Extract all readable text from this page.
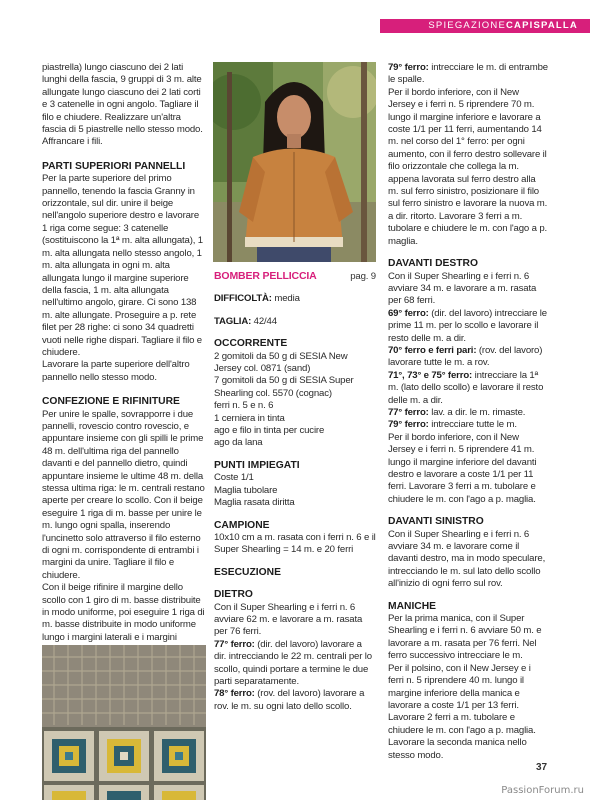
SPIEGAZIONECAPISPALLA

piastrella) lungo ciascuno dei 2 lati lunghi della fascia, 9 gruppi di 3 m. alte allungate lungo ciascuno dei 2 lati corti e 3 catenelle in ogni angolo. Tagliare il filo e chiudere. Realizzare un'altra fascia di 5 piastrelle nello stesso modo. Affrancare i fili.

PARTI SUPERIORI PANNELLI

Per la parte superiore del primo pannello, tenendo la fascia Granny in orizzontale, sul dir. unire il beige nell'angolo superiore destro e lavorare 1 riga come segue: 3 catenelle (sostituiscono la 1ª m. alta allungata), 1 m. alta allungata nello stesso angolo, 1 m. alta allungata in ogni m. alta allungata lungo il margine superiore della fascia, 1 m. alta allungata nell'ultimo angolo, girare. Ci sono 138 m. alte allungate. Proseguire a p. rete filet per 28 righe: ci sono 34 quadretti vuoti nelle righe dispari. Tagliare il filo e chiudere.

Lavorare la parte superiore dell'altro pannello nello stesso modo.

CONFEZIONE E RIFINITURE

Per unire le spalle, sovrapporre i due pannelli, rovescio contro rovescio, e appuntare insieme con gli spilli le prime 48 m. dell'ultima riga del pannello davanti e del pannello dietro, quindi appuntare insieme le ultime 48 m. della stessa ultima riga: le m. centrali restano aperte per creare lo scollo. Con il beige eseguire 1 riga di m. basse per unire le m. lungo ogni spalla, inserendo l'uncinetto solo attraverso il filo esterno di ogni m. corrispondente di entrambi i margini da unire. Tagliare il filo e chiudere.

Con il beige rifinire il margine dello scollo con 1 giro di m. basse distribuite in modo uniforme, poi eseguire 1 riga di m. basse distribuite in modo uniforme lungo i margini laterali e i margini

BOMBER PELLICCIA	pag. 9

DIFFICOLTÀ: media

TAGLIA: 42/44

OCCORRENTE

2 gomitoli da 50 g di SESIA New Jersey col. 0871 (sand)

7 gomitoli da 50 g di SESIA Super Shearling col. 5570 (cognac)

ferri n. 5 e n. 6

1 cerniera in tinta

ago e filo in tinta per cucire

ago da lana

PUNTI IMPIEGATI

Coste 1/1

Maglia tubolare

Maglia rasata diritta

CAMPIONE

10x10 cm a m. rasata con i ferri n. 6 e il Super Shearling = 14 m. e 20 ferri

ESECUZIONE

DIETRO

Con il Super Shearling e i ferri n. 6 avviare 62 m. e lavorare a m. rasata per 76 ferri.

77° ferro: (dir. del lavoro) lavorare a dir. intrecciando le 22 m. centrali per lo scollo, quindi portare a termine le due parti separatamente.

78° ferro: (rov. del lavoro) lavorare a rov. le m. su ogni lato dello scollo.

79° ferro: intrecciare le m. di entrambe le spalle.

Per il bordo inferiore, con il New Jersey e i ferri n. 5 riprendere 70 m. lungo il margine inferiore e lavorare a coste 1/1 per 11 ferri, aumentando 14 m. nel corso del 1° ferro: per ogni aumento, con il ferro destro sollevare il filo orizzontale che collega la m. appena lavorata sul ferro destro alla m. sul ferro sinistro, posizionare il filo sul ferro sinistro e lavorare la nuova m. a dir. ritorto. Lavorare 3 ferri a m. tubolare e chiudere le m. con l'ago a p. maglia.

DAVANTI DESTRO

Con il Super Shearling e i ferri n. 6 avviare 34 m. e lavorare a m. rasata per 68 ferri.

69° ferro: (dir. del lavoro) intrecciare le prime 11 m. per lo scollo e lavorare il resto delle m. a dir.

70° ferro e ferri pari: (rov. del lavoro) lavorare tutte le m. a rov.

71°, 73° e 75° ferro: intrecciare la 1ª m. (lato dello scollo) e lavorare il resto delle m. a dir.

77° ferro: lav. a dir. le m. rimaste.

79° ferro: intrecciare tutte le m.

Per il bordo inferiore, con il New Jersey e i ferri n. 5 riprendere 41 m. lungo il margine inferiore del davanti destro e lavorare a coste 1/1 per 11 ferri. Lavorare 3 ferri a m. tubolare e chiudere le m. con l'ago a p. maglia.

DAVANTI SINISTRO

Con il Super Shearling e i ferri n. 6 avviare 34 m. e lavorare come il davanti destro, ma in modo speculare, intrecciando le m. sul lato dello scollo all'inizio di ogni ferro sul rov.

MANICHE

Per la prima manica, con il Super Shearling e i ferri n. 6 avviare 50 m. e lavorare a m. rasata per 76 ferri. Nel ferro successivo intrecciare le m.

Per il polsino, con il New Jersey e i ferri n. 5 riprendere 40 m. lungo il margine inferiore della manica e lavorare a coste 1/1 per 13 ferri. Lavorare 2 ferri a m. tubolare e chiudere le m. con l'ago a p. maglia.

Lavorare la seconda manica nello stesso modo.

37
PassionForum.ru
